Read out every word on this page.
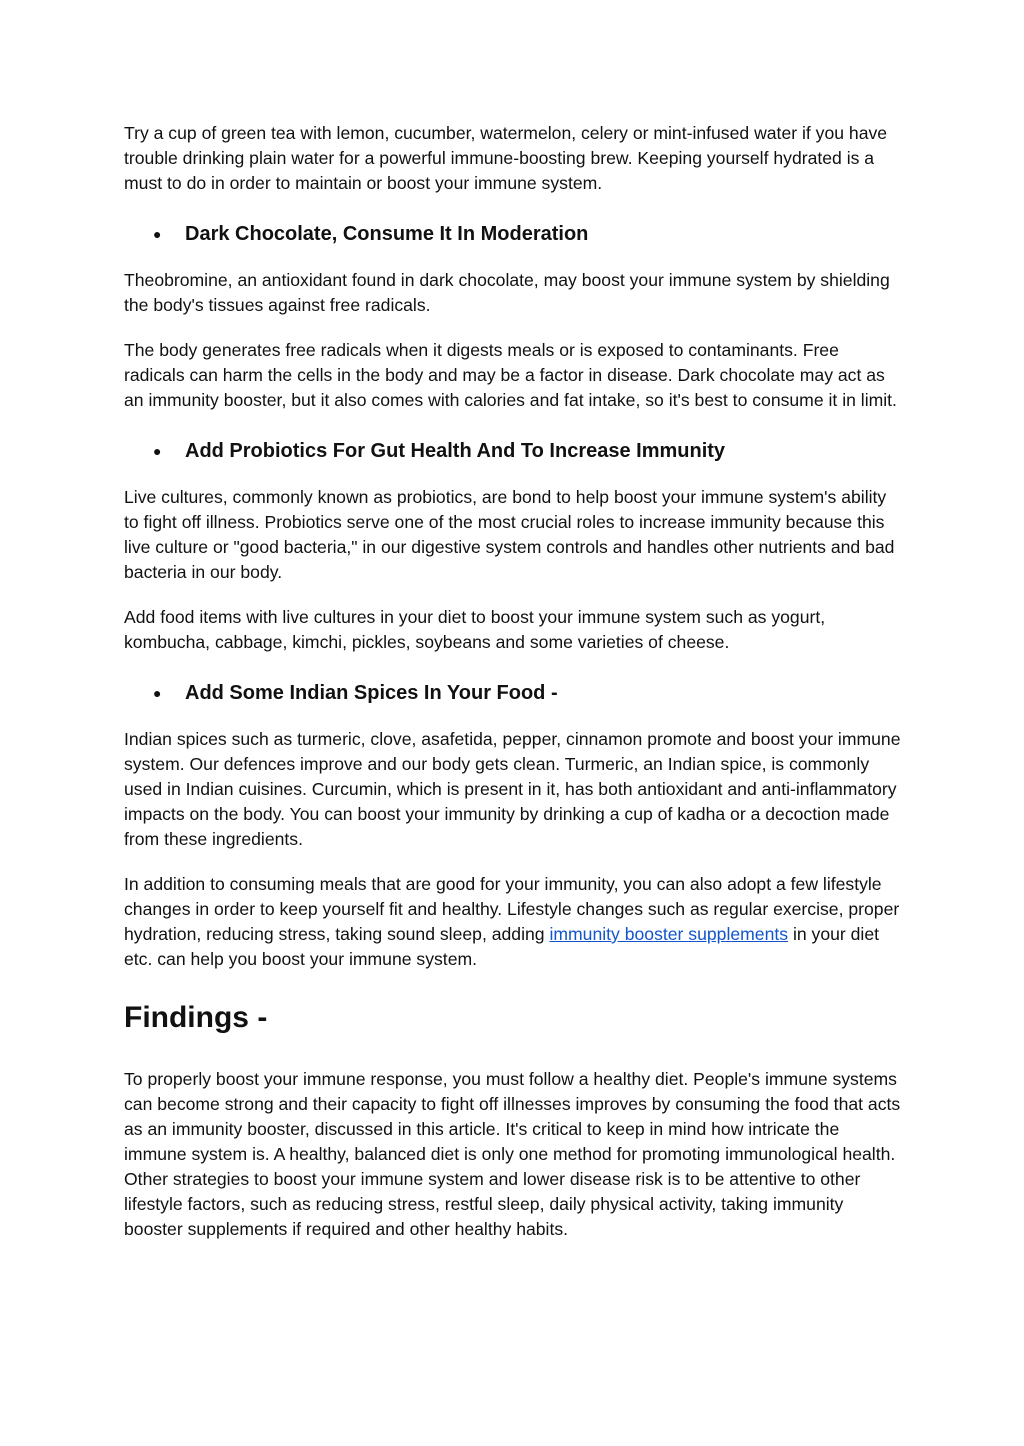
Try a cup of green tea with lemon, cucumber, watermelon, celery or mint-infused water if you have trouble drinking plain water for a powerful immune-boosting brew. Keeping yourself hydrated is a must to do in order to maintain or boost your immune system.

●	Dark Chocolate, Consume It In Moderation

Theobromine, an antioxidant found in dark chocolate, may boost your immune system by shielding the body's tissues against free radicals.

The body generates free radicals when it digests meals or is exposed to contaminants. Free radicals can harm the cells in the body and may be a factor in disease. Dark chocolate may act as an immunity booster, but it also comes with calories and fat intake, so it's best to consume it in limit.

●	Add Probiotics For Gut Health And To Increase Immunity

Live cultures, commonly known as probiotics, are bond to help boost your immune system's ability to fight off illness. Probiotics serve one of the most crucial roles to increase immunity because this live culture or "good bacteria," in our digestive system controls and handles other nutrients and bad bacteria in our body.

Add food items with live cultures in your diet to boost your immune system such as yogurt, kombucha, cabbage, kimchi, pickles, soybeans and some varieties of cheese.

●	Add Some Indian Spices In Your Food -

Indian spices such as turmeric, clove, asafetida, pepper, cinnamon promote and boost your immune system. Our defences improve and our body gets clean. Turmeric, an Indian spice, is commonly used in Indian cuisines. Curcumin, which is present in it, has both antioxidant and anti-inflammatory impacts on the body. You can boost your immunity by drinking a cup of kadha or a decoction made from these ingredients.

In addition to consuming meals that are good for your immunity, you can also adopt a few lifestyle changes in order to keep yourself fit and healthy. Lifestyle changes such as regular exercise, proper hydration, reducing stress, taking sound sleep, adding immunity booster supplements in your diet etc. can help you boost your immune system.

Findings -

To properly boost your immune response, you must follow a healthy diet. People's immune systems can become strong and their capacity to fight off illnesses improves by consuming the food that acts as an immunity booster, discussed in this article. It's critical to keep in mind how intricate the immune system is. A healthy, balanced diet is only one method for promoting immunological health. Other strategies to boost your immune system and lower disease risk is to be attentive to other lifestyle factors, such as reducing stress, restful sleep, daily physical activity, taking immunity booster supplements if required and other healthy habits.
